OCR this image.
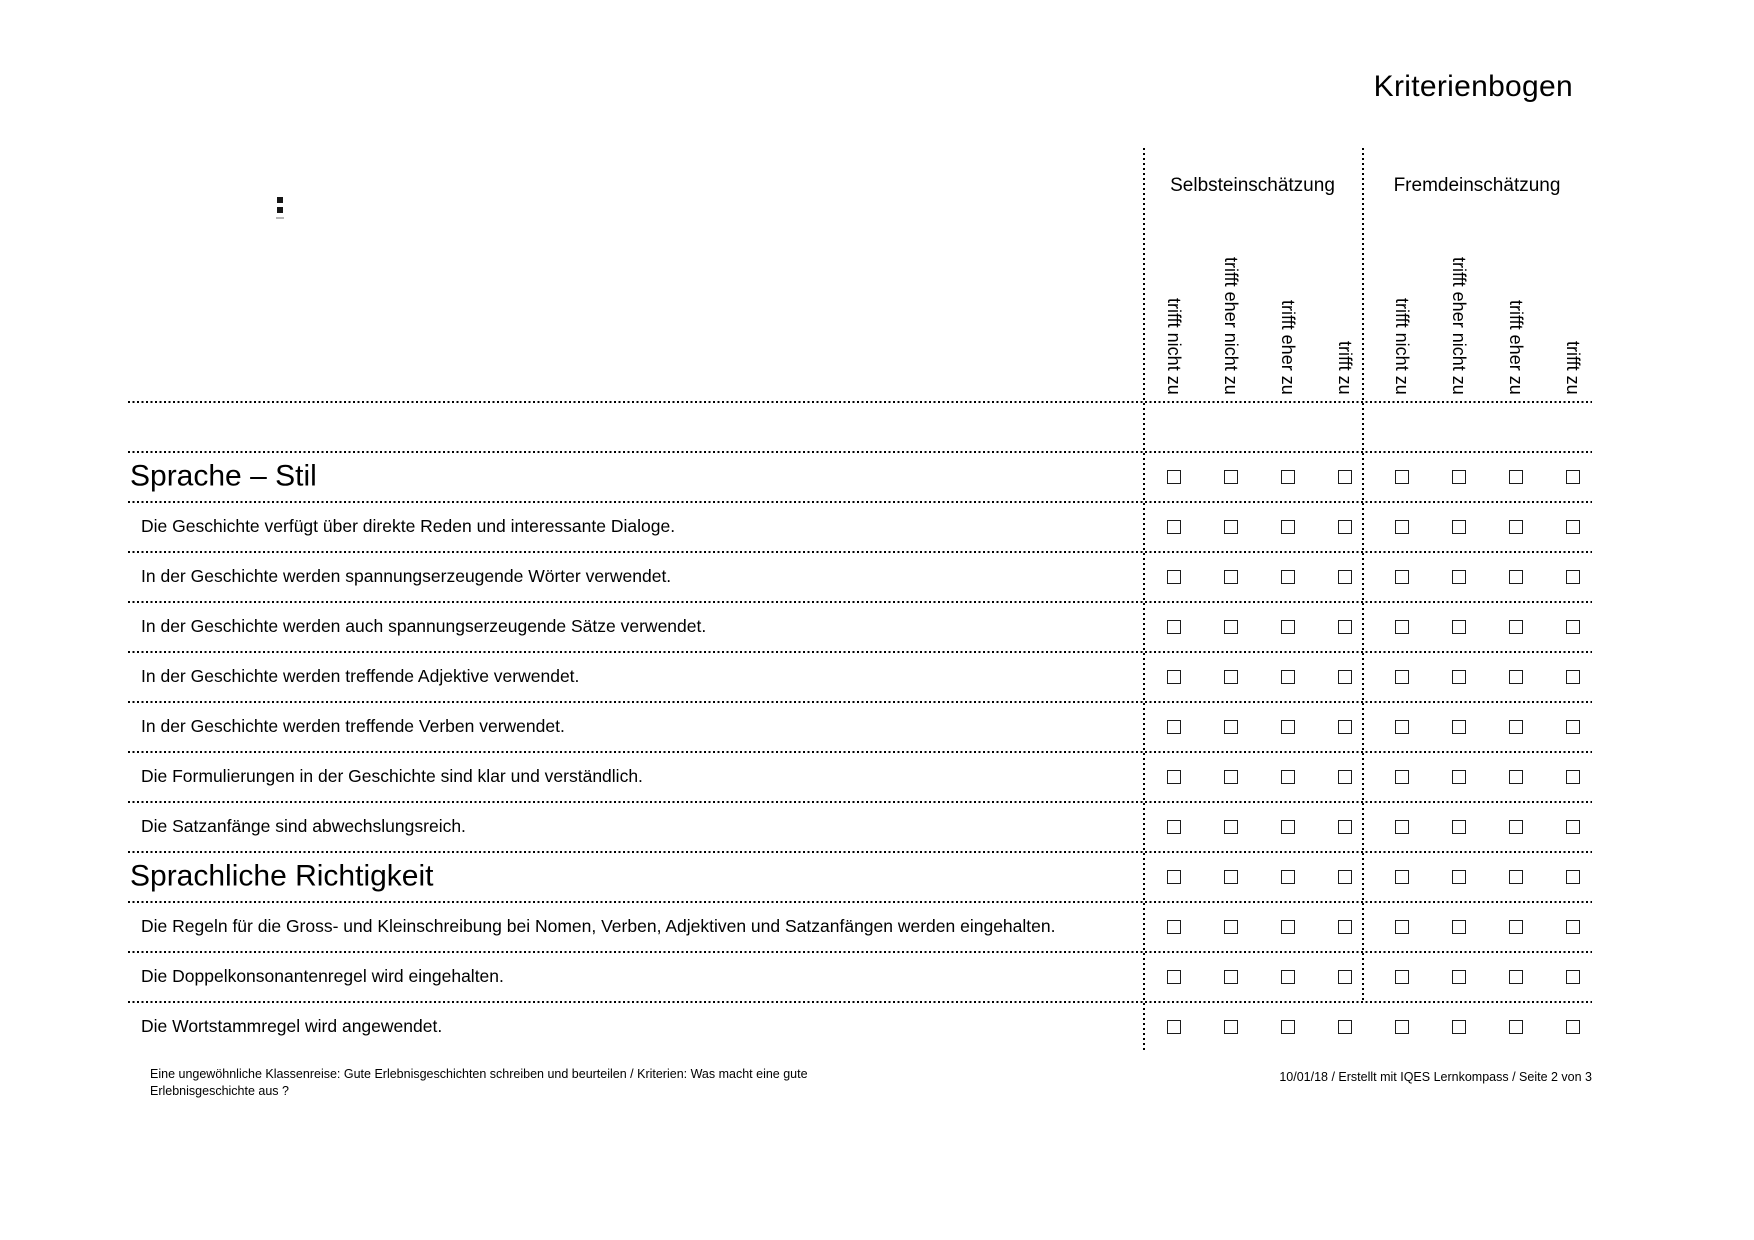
Kriterienbogen
Selbsteinschätzung	Fremdeinschätzung
trifft nicht zu trifft eher nicht zu trifft eher zu trifft zu trifft nicht zu trifft eher nicht zu trifft eher zu trifft zu
Sprache – Stil
Die Geschichte verfügt über direkte Reden und interessante Dialoge.
In der Geschichte werden spannungserzeugende Wörter verwendet.
In der Geschichte werden auch spannungserzeugende Sätze verwendet.
In der Geschichte werden treffende Adjektive verwendet.
In der Geschichte werden treffende Verben verwendet.
Die Formulierungen in der Geschichte sind klar und verständlich.
Die Satzanfänge sind abwechslungsreich.
Sprachliche Richtigkeit
Die Regeln für die Gross- und Kleinschreibung bei Nomen, Verben, Adjektiven und Satzanfängen werden eingehalten.
Die Doppelkonsonantenregel wird eingehalten.
Die Wortstammregel wird angewendet.
Eine ungewöhnliche Klassenreise: Gute Erlebnisgeschichten schreiben und beurteilen / Kriterien: Was macht eine gute
Erlebnisgeschichte aus ?
10/01/18 / Erstellt mit IQES Lernkompass / Seite 2 von 3
